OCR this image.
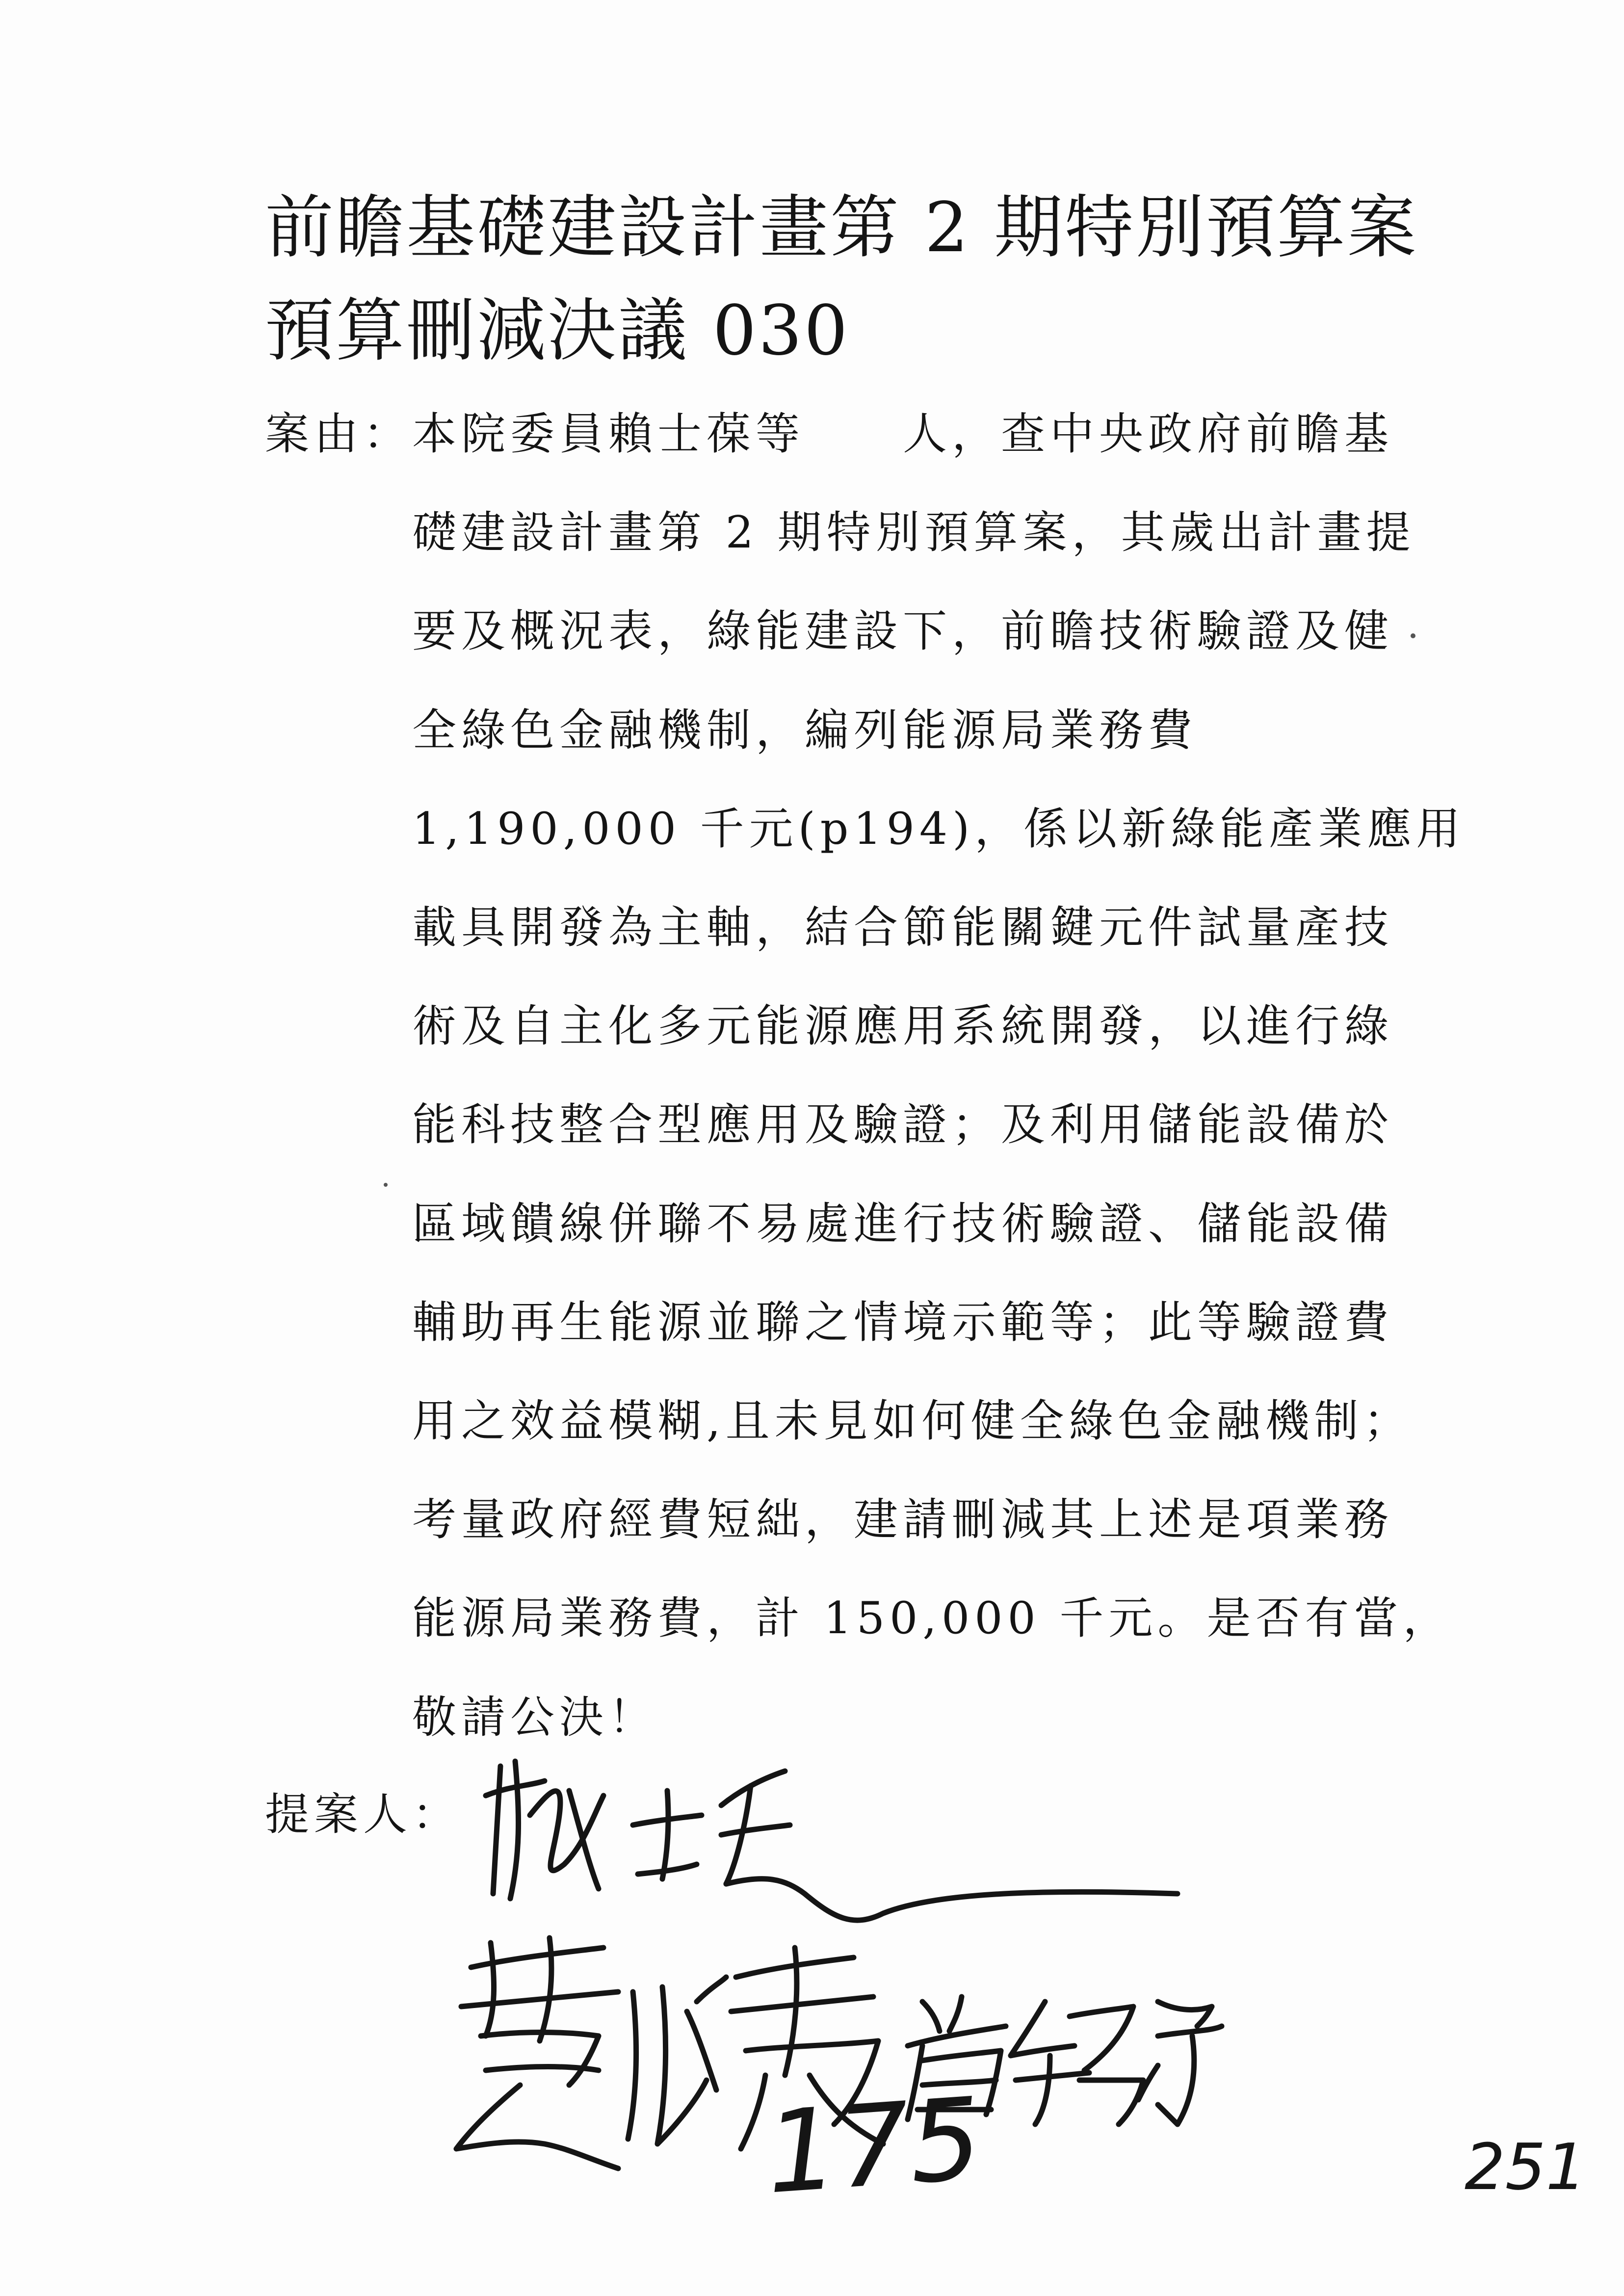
前瞻基礎建設計畫第 2 期特別預算案
預算刪減決議 030
案由： 本院委員賴士葆等　　人，查中央政府前瞻基
礎建設計畫第 2 期特別預算案，其歲出計畫提
要及概況表，綠能建設下，前瞻技術驗證及健
全綠色金融機制，編列能源局業務費
1,190,000 千元(p194)，係以新綠能產業應用
載具開發為主軸，結合節能關鍵元件試量產技
術及自主化多元能源應用系統開發，以進行綠
能科技整合型應用及驗證；及利用儲能設備於
區域饋線併聯不易處進行技術驗證、儲能設備
輔助再生能源並聯之情境示範等；此等驗證費
用之效益模糊,且未見如何健全綠色金融機制；
考量政府經費短絀，建請刪減其上述是項業務
能源局業務費，計 150,000 千元。是否有當，
敬請公決！
提案人：
175	251
